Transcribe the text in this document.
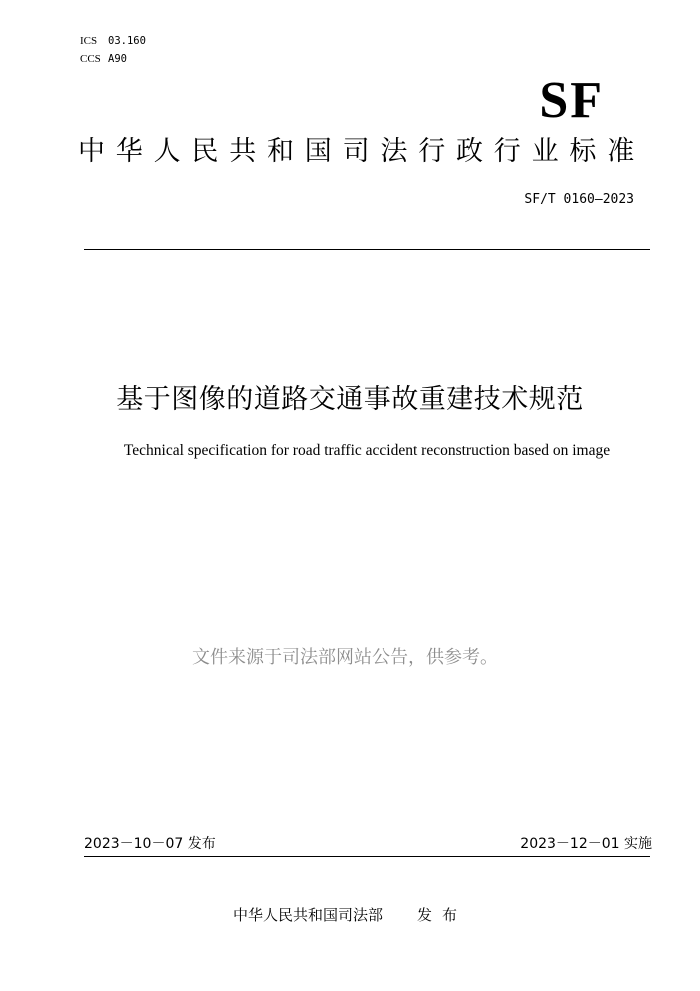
ICS 03.160
CCS A90
SF
中华人民共和国司法行政行业标准
SF/T 0160—2023
基于图像的道路交通事故重建技术规范
Technical specification for road traffic accident reconstruction based on image
文件来源于司法部网站公告，供参考。
2023－10－07 发布	2023－12－01 实施
中华人民共和国司法部 发布
